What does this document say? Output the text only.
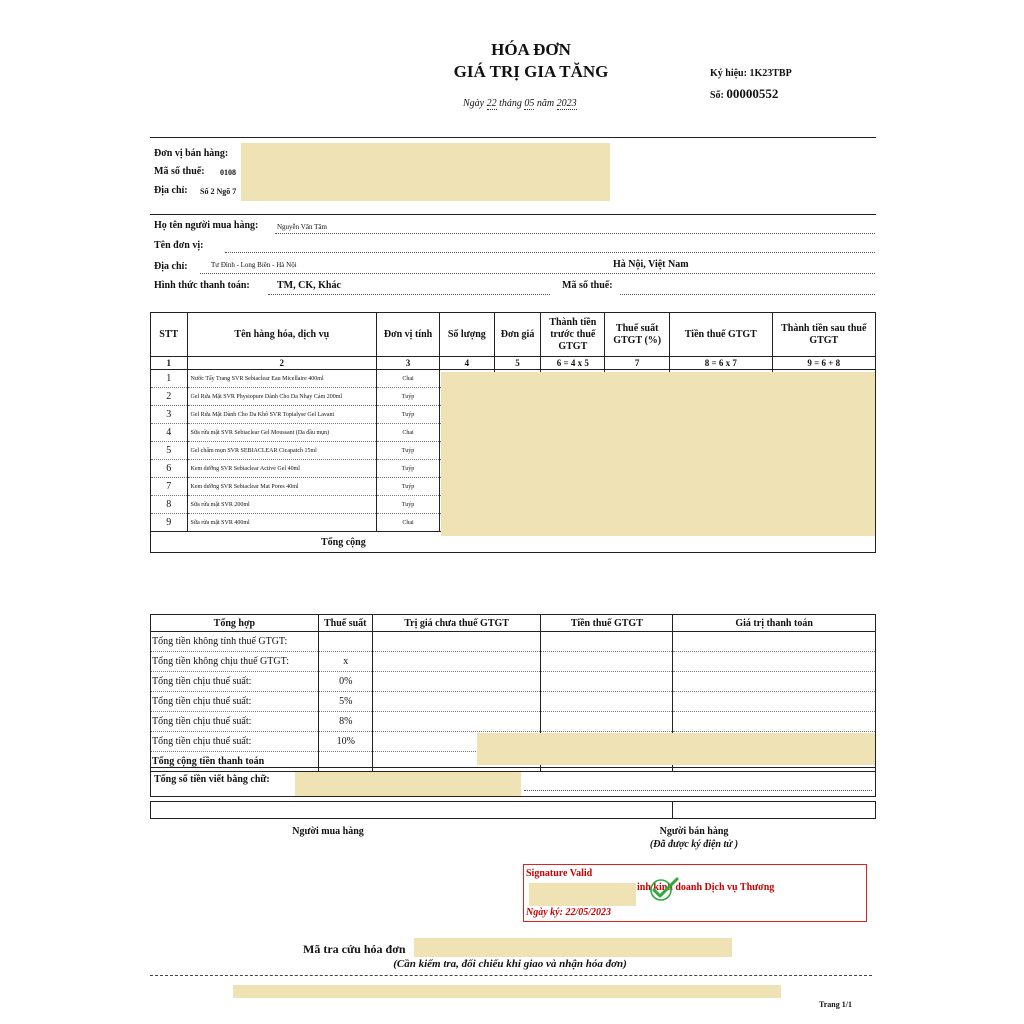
HÓA ĐƠN
GIÁ TRỊ GIA TĂNG
Ngày 22 tháng 05 năm 2023
Ký hiệu: 1K23TBP
Số: 00000552
Đơn vị bán hàng:
Mã số thuế: 0108
Địa chỉ: Số 2 Ngõ 7
Họ tên người mua hàng:	Nguyễn Văn Tâm
Tên đơn vị:
Địa chỉ:	Tư Đình - Long Biên - Hà Nội	Hà Nội, Việt Nam
Hình thức thanh toán:	TM, CK, Khác	Mã số thuế:
STT	Tên hàng hóa, dịch vụ	Đơn vị tính	Số lượng	Đơn giá	Thành tiền trước thuế GTGT	Thuế suất GTGT (%)	Tiền thuế GTGT	Thành tiền sau thuế GTGT
1	2	3	4	5	6 = 4 x 5	7	8 = 6 x 7	9 = 6 + 8
1	Nước Tẩy Trang SVR Sebiaclear Eau Micellaire 400ml	Chai						
2	Gel Rửa Mặt SVR Physiopure Dành Cho Da Nhạy Cảm 200ml	Tuýp						
3	Gel Rửa Mặt Dành Cho Da Khô SVR Topialyse Gel Lavant	Tuýp						
4	Sữa rửa mặt SVR Sebiaclear Gel Moussant (Da dầu mụn)	Chai						
5	Gel chấm mụn SVR SEBIACLEAR Cicapatch 15ml	Tuýp						
6	Kem dưỡng SVR Sebiaclear Active Gel 40ml	Tuýp						
7	Kem dưỡng SVR Sebiaclear Mat Pores 40ml	Tuýp						
8	Sữa rửa mặt SVR 200ml	Tuýp						
9	Sữa rửa mặt SVR 400ml	Chai						
Tổng cộng								
Tổng hợp	Thuế suất	Trị giá chưa thuế GTGT	Tiền thuế GTGT	Giá trị thanh toán
Tổng tiền không tính thuế GTGT:				
Tổng tiền không chịu thuế GTGT:	x			
Tổng tiền chịu thuế suất:	0%			
Tổng tiền chịu thuế suất:	5%			
Tổng tiền chịu thuế suất:	8%			
Tổng tiền chịu thuế suất:	10%			
Tổng cộng tiền thanh toán				
Tổng số tiền viết bằng chữ:
Người mua hàng	Người bán hàng
(Đã được ký điện tử )
Signature Valid
inh kinh doanh Dịch vụ Thương
Ngày ký: 22/05/2023
Mã tra cứu hóa đơn
(Cần kiểm tra, đối chiếu khi giao và nhận hóa đơn)
Trang 1/1
